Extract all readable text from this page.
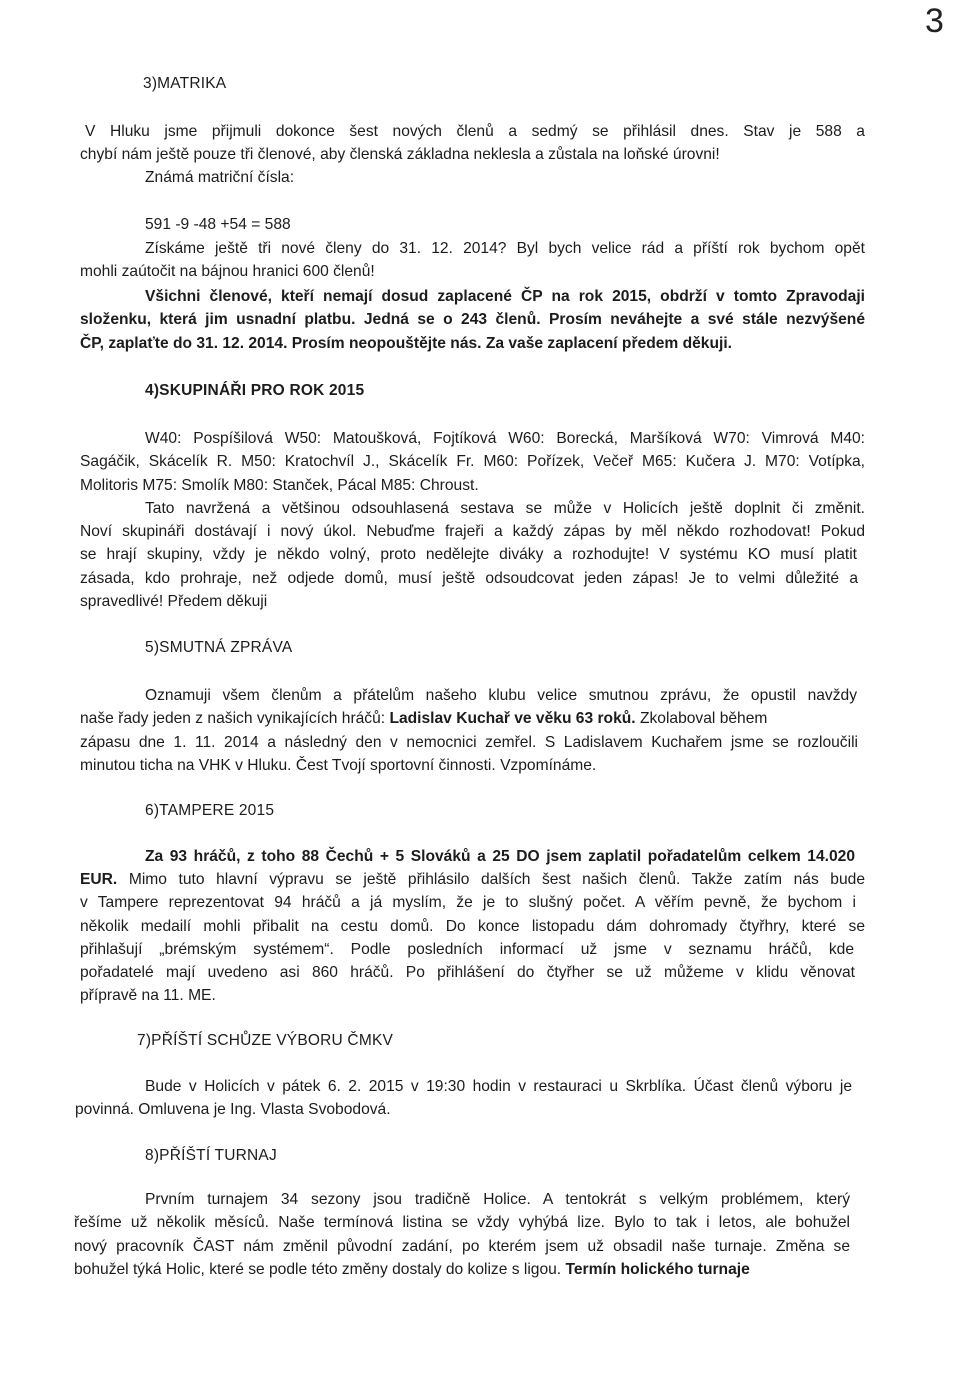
3
3)MATRIKA
V Hluku jsme přijmuli dokonce šest nových členů a sedmý se přihlásil dnes. Stav je 588 a
chybí nám ještě pouze tři členové, aby členská základna neklesla a zůstala na loňské úrovni!
Známá matriční čísla:
591 -9 -48 +54 = 588
Získáme ještě tři nové členy do 31. 12. 2014? Byl bych velice rád a příští rok bychom opět
mohli zaútočit na bájnou hranici 600 členů!
Všichni členové, kteří nemají dosud zaplacené ČP na rok 2015, obdrží v tomto Zpravodaji
složenku, která jim usnadní platbu. Jedná se o 243 členů. Prosím neváhejte a své stále nezvýšené
ČP, zaplaťte do 31. 12. 2014. Prosím neopouštějte nás. Za vaše zaplacení předem děkuji.
4)SKUPINÁŘI PRO ROK 2015
W40: Pospíšilová W50: Matoušková, Fojtíková W60: Borecká, Maršíková W70: Vimrová M40:
Sagáčik, Skácelík R. M50: Kratochvíl J., Skácelík Fr. M60: Pořízek, Večeř M65: Kučera J. M70: Votípka,
Molitoris M75: Smolík M80: Stanček, Pácal M85: Chroust.
Tato navržená a většinou odsouhlasená sestava se může v Holicích ještě doplnit či změnit.
Noví skupináři dostávají i nový úkol. Nebuďme frajeři a každý zápas by měl někdo rozhodovat! Pokud
se hrají skupiny, vždy je někdo volný, proto nedělejte diváky a rozhodujte! V systému KO musí platit
zásada, kdo prohraje, než odjede domů, musí ještě odsoudcovat jeden zápas! Je to velmi důležité a
spravedlivé! Předem děkuji
5)SMUTNÁ ZPRÁVA
Oznamuji všem členům a přátelům našeho klubu velice smutnou zprávu, že opustil navždy
naše řady jeden z našich vynikajících hráčů: Ladislav Kuchař ve věku 63 roků. Zkolaboval během
zápasu dne 1. 11. 2014 a následný den v nemocnici zemřel. S Ladislavem Kuchařem jsme se rozloučili
minutou ticha na VHK v Hluku. Čest Tvojí sportovní činnosti. Vzpomínáme.
6)TAMPERE 2015
Za 93 hráčů, z toho 88 Čechů + 5 Slováků a 25 DO jsem zaplatil pořadatelům celkem 14.020
EUR. Mimo tuto hlavní výpravu se ještě přihlásilo dalších šest našich členů. Takže zatím nás bude
v Tampere reprezentovat 94 hráčů a já myslím, že je to slušný počet. A věřím pevně, že bychom i
několik medailí mohli přibalit na cestu domů. Do konce listopadu dám dohromady čtyřhry, které se
přihlašují „brémským systémem“. Podle posledních informací už jsme v seznamu hráčů, kde
pořadatelé mají uvedeno asi 860 hráčů. Po přihlášení do čtyřher se už můžeme v klidu věnovat
přípravě na 11. ME.
7)PŘÍŠTÍ SCHŮZE VÝBORU ČMKV
Bude v Holicích v pátek 6. 2. 2015 v 19:30 hodin v restauraci u Skrblíka. Účast členů výboru je
povinná. Omluvena je Ing. Vlasta Svobodová.
8)PŘÍŠTÍ TURNAJ
Prvním turnajem 34 sezony jsou tradičně Holice. A tentokrát s velkým problémem, který
řešíme už několik měsíců. Naše termínová listina se vždy vyhýbá lize. Bylo to tak i letos, ale bohužel
nový pracovník ČAST nám změnil původní zadání, po kterém jsem už obsadil naše turnaje. Změna se
bohužel týká Holic, které se podle této změny dostaly do kolize s ligou. Termín holického turnaje
